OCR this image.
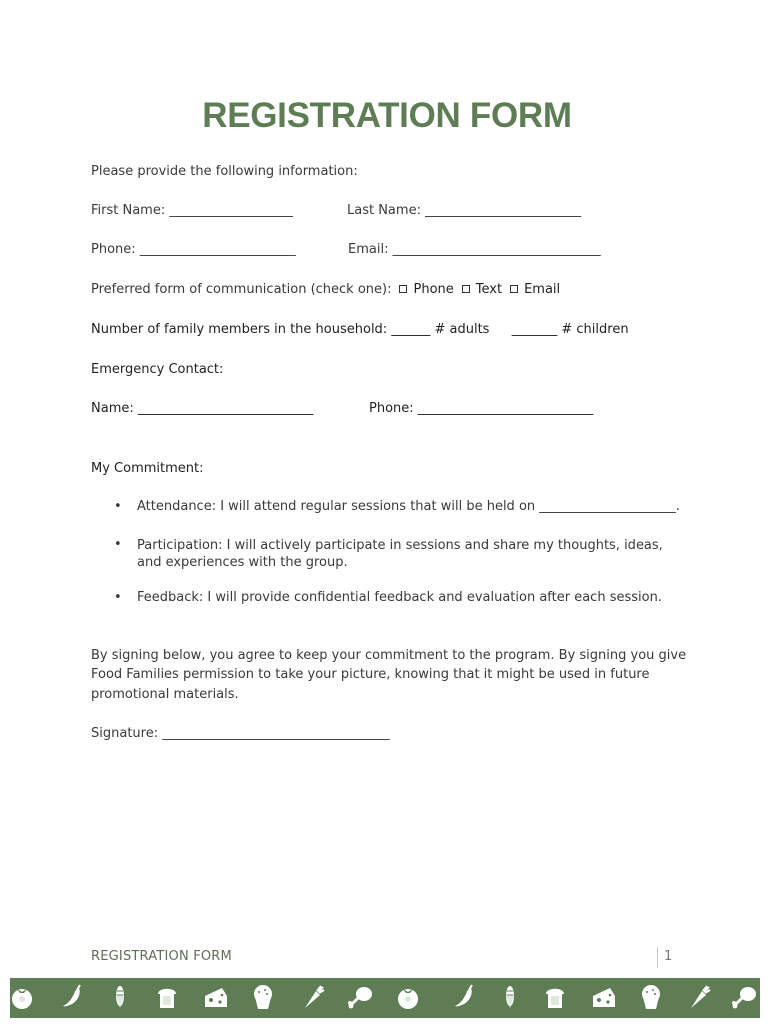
REGISTRATION FORM
Please provide the following information:
First Name: ___________________	Last Name: ________________________
Phone: ________________________	Email: ________________________________
Preferred form of communication (check one): Phone Text Email
Number of family members in the household: ______ # adults _______ # children
Emergency Contact:
Name: ___________________________	Phone: ___________________________
My Commitment:
• Attendance: I will attend regular sessions that will be held on _____________________.
• Participation: I will actively participate in sessions and share my thoughts, ideas, and experiences with the group.
• Feedback: I will provide confidential feedback and evaluation after each session.
By signing below, you agree to keep your commitment to the program. By signing you give
Food Families permission to take your picture, knowing that it might be used in future
promotional materials.
Signature: ___________________________________
REGISTRATION FORM	1
